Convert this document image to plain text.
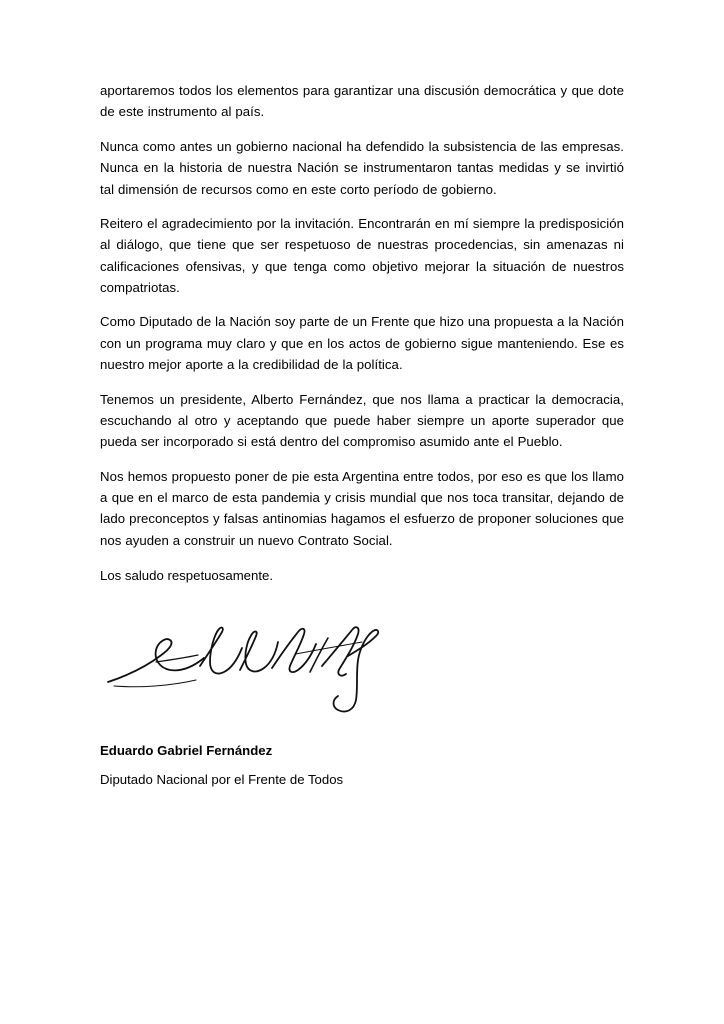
aportaremos todos los elementos para garantizar una discusión democrática y que dote de este instrumento al país.

Nunca como antes un gobierno nacional ha defendido la subsistencia de las empresas. Nunca en la historia de nuestra Nación se instrumentaron tantas medidas y se invirtió tal dimensión de recursos como en este corto período de gobierno.

Reitero el agradecimiento por la invitación. Encontrarán en mí siempre la predisposición al diálogo, que tiene que ser respetuoso de nuestras procedencias, sin amenazas ni calificaciones ofensivas, y que tenga como objetivo mejorar la situación de nuestros compatriotas.

Como Diputado de la Nación soy parte de un Frente que hizo una propuesta a la Nación con un programa muy claro y que en los actos de gobierno sigue manteniendo. Ese es nuestro mejor aporte a la credibilidad de la política.

Tenemos un presidente, Alberto Fernández, que nos llama a practicar la democracia, escuchando al otro y aceptando que puede haber siempre un aporte superador que pueda ser incorporado si está dentro del compromiso asumido ante el Pueblo.

Nos hemos propuesto poner de pie esta Argentina entre todos, por eso es que los llamo a que en el marco de esta pandemia y crisis mundial que nos toca transitar, dejando de lado preconceptos y falsas antinomias hagamos el esfuerzo de proponer soluciones que nos ayuden a construir un nuevo Contrato Social.

Los saludo respetuosamente.

Eduardo Gabriel Fernández

Diputado Nacional por el Frente de Todos
